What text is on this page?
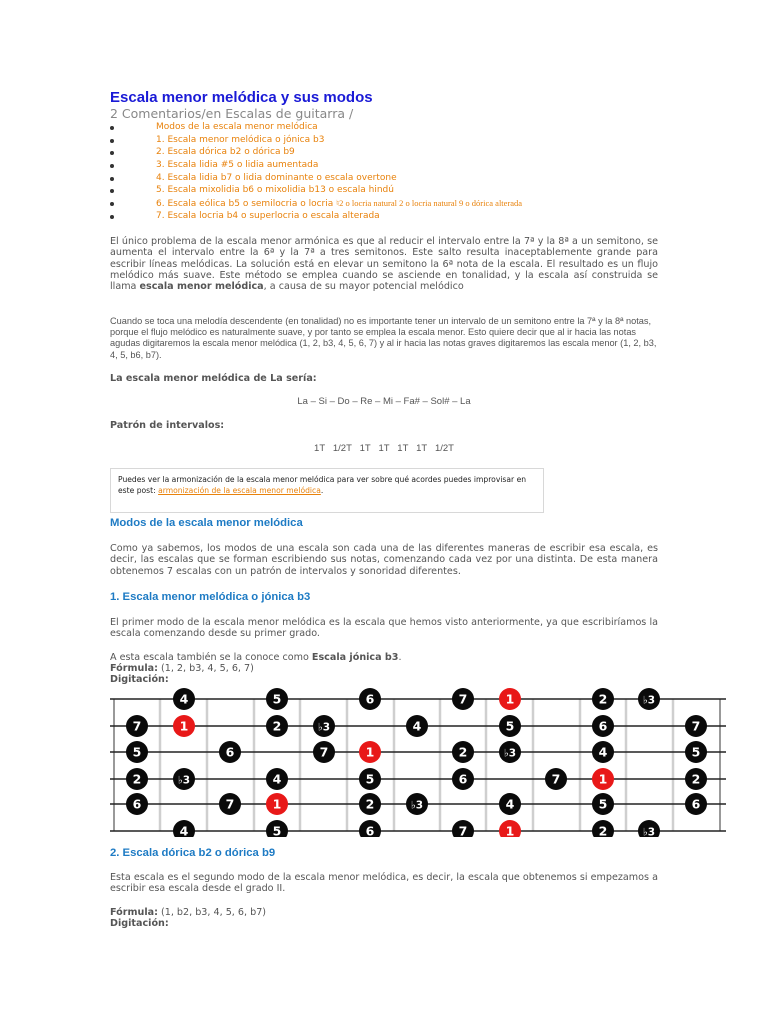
Escala menor melódica y sus modos
2 Comentarios/en Escalas de guitarra /
Modos de la escala menor melódica
1. Escala menor melódica o jónica b3
2. Escala dórica b2 o dórica b9
3. Escala lidia #5 o lidia aumentada
4. Escala lidia b7 o lidia dominante o escala overtone
5. Escala mixolidia b6 o mixolidia b13 o escala hindú
6. Escala eólica b5 o semilocria o locria ♮2 o locria natural 2 o locria natural 9 o dórica alterada
7. Escala locria b4 o superlocria o escala alterada
El único problema de la escala menor armónica es que al reducir el intervalo entre la 7ª y la 8ª a un semitono, se aumenta el intervalo entre la 6ª y la 7ª a tres semitonos. Este salto resulta inaceptablemente grande para escribir líneas melódicas. La solución está en elevar un semitono la 6ª nota de la escala. El resultado es un flujo melódico más suave. Este método se emplea cuando se asciende en tonalidad, y la escala así construida se llama escala menor melódica, a causa de su mayor potencial melódico
Cuando se toca una melodía descendente (en tonalidad) no es importante tener un intervalo de un semitono entre la 7ª y la 8ª notas, porque el flujo melódico es naturalmente suave, y por tanto se emplea la escala menor. Esto quiere decir que al ir hacia las notas agudas digitaremos la escala menor melódica (1, 2, b3, 4, 5, 6, 7) y al ir hacia las notas graves digitaremos las escala menor (1, 2, b3, 4, 5, b6, b7).
La escala menor melódica de La sería:
La – Si – Do – Re – Mi – Fa# – Sol# – La
Patrón de intervalos:
1T   1/2T   1T   1T   1T   1T   1/2T
Puedes ver la armonización de la escala menor melódica para ver sobre qué acordes puedes improvisar en este post: armonización de la escala menor melódica.
Modos de la escala menor melódica
Como ya sabemos, los modos de una escala son cada una de las diferentes maneras de escribir esa escala, es decir, las escalas que se forman escribiendo sus notas, comenzando cada vez por una distinta. De esta manera obtenemos 7 escalas con un patrón de intervalos y sonoridad diferentes.
1. Escala menor melódica o jónica b3
El primer modo de la escala menor melódica es la escala que hemos visto anteriormente, ya que escribiríamos la escala comenzando desde su primer grado.
A esta escala también se la conoce como Escala jónica b3.
Fórmula: (1, 2, b3, 4, 5, 6, 7)
Digitación:
4	5	6	7	1	2	♭3
7	1	2	♭3	4	5	6	7
5	6	7	1	2	♭3	4	5
2	♭3	4	5	6	7	1	2
6	7	1	2	♭3	4	5	6
4	5	6	7	1	2	♭3
2. Escala dórica b2 o dórica b9
Esta escala es el segundo modo de la escala menor melódica, es decir, la escala que obtenemos si empezamos a escribir esa escala desde el grado II.
Fórmula: (1, b2, b3, 4, 5, 6, b7)
Digitación:
